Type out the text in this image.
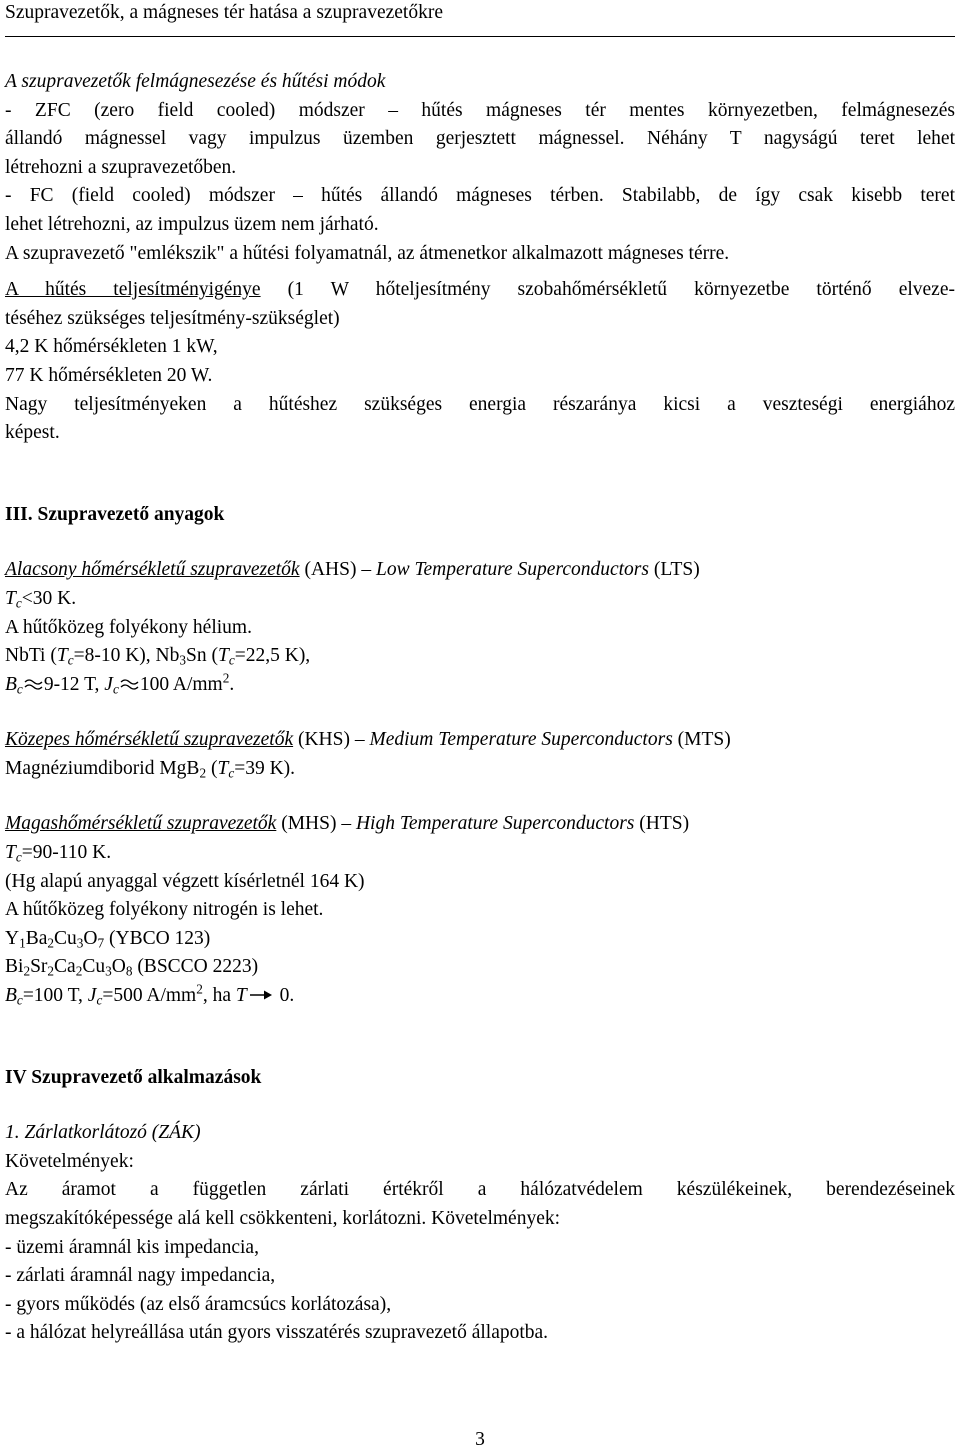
Szupravezetők, a mágneses tér hatása a szupravezetőkre
A szupravezetők felmágnesezése és hűtési módok
- ZFC (zero field cooled) módszer – hűtés mágneses tér mentes környezetben, felmágnesezés
állandó mágnessel vagy impulzus üzemben gerjesztett mágnessel. Néhány T nagyságú teret lehet
létrehozni a szupravezetőben.
- FC (field cooled) módszer – hűtés állandó mágneses térben. Stabilabb, de így csak kisebb teret
lehet létrehozni, az impulzus üzem nem járható.
A szupravezető "emlékszik" a hűtési folyamatnál, az átmenetkor alkalmazott mágneses térre.
A hűtés teljesítményigénye (1 W hőteljesítmény szobahőmérsékletű környezetbe történő elveze-
téséhez szükséges teljesítmény-szükséglet)
4,2 K hőmérsékleten 1 kW,
77 K hőmérsékleten 20 W.
Nagy teljesítményeken a hűtéshez szükséges energia részaránya kicsi a veszteségi energiához
képest.
III. Szupravezető anyagok
Alacsony hőmérsékletű szupravezetők (AHS) – Low Temperature Superconductors (LTS)
$T_c<30$ K.
A hűtőközeg folyékony hélium.
NbTi ($T_c=8-10$ K), $Nb_3Sn$ ($T_c=22,5$ K),
$B_c$ 9-12 T, $J_c$ 100 $A/mm^2$.
Közepes hőmérsékletű szupravezetők (KHS) – Medium Temperature Superconductors (MTS)
Magnéziumdiborid MgB$_2$ ($T_c=39$ K).
Magashőmérsékletű szupravezetők (MHS) – High Temperature Superconductors (HTS)
$T_c=90-110$ K.
(Hg alapú anyaggal végzett kísérletnél 164 K)
A hűtőközeg folyékony nitrogén is lehet.
$Y_1Ba_2Cu_3O_7$ (YBCO 123)
$Bi_2Sr_2Ca_2Cu_3O_8$ (BSCCO 2223)
$B_c=100$ T, $J_c=500$ $A/mm^2$, ha T 0.
IV Szupravezető alkalmazások
1. Zárlatkorlátozó (ZÁK)
Követelmények:
Az áramot a független zárlati értékről a hálózatvédelem készülékeinek, berendezéseinek
megszakítóképessége alá kell csökkenteni, korlátozni. Követelmények:
- üzemi áramnál kis impedancia,
- zárlati áramnál nagy impedancia,
- gyors működés (az első áramcsúcs korlátozása),
- a hálózat helyreállása után gyors visszatérés szupravezető állapotba.
3
